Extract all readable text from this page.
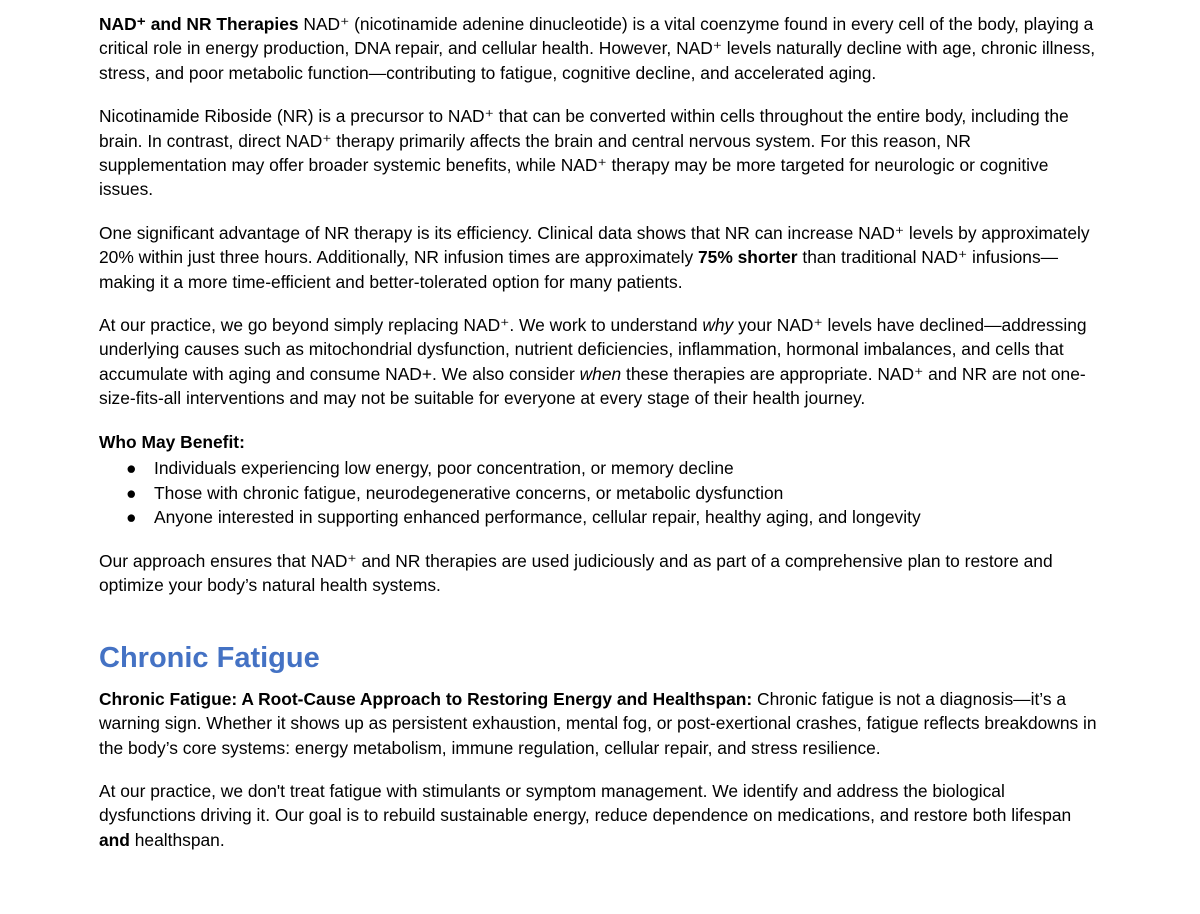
NAD⁺ and NR Therapies NAD⁺ (nicotinamide adenine dinucleotide) is a vital coenzyme found in every cell of the body, playing a critical role in energy production, DNA repair, and cellular health. However, NAD⁺ levels naturally decline with age, chronic illness, stress, and poor metabolic function—contributing to fatigue, cognitive decline, and accelerated aging.

Nicotinamide Riboside (NR) is a precursor to NAD⁺ that can be converted within cells throughout the entire body, including the brain. In contrast, direct NAD⁺ therapy primarily affects the brain and central nervous system. For this reason, NR supplementation may offer broader systemic benefits, while NAD⁺ therapy may be more targeted for neurologic or cognitive issues.

One significant advantage of NR therapy is its efficiency. Clinical data shows that NR can increase NAD⁺ levels by approximately 20% within just three hours. Additionally, NR infusion times are approximately 75% shorter than traditional NAD⁺ infusions—making it a more time-efficient and better-tolerated option for many patients.

At our practice, we go beyond simply replacing NAD⁺. We work to understand why your NAD⁺ levels have declined—addressing underlying causes such as mitochondrial dysfunction, nutrient deficiencies, inflammation, hormonal imbalances, and cells that accumulate with aging and consume NAD+. We also consider when these therapies are appropriate. NAD⁺ and NR are not one-size-fits-all interventions and may not be suitable for everyone at every stage of their health journey.

Who May Benefit:

● Individuals experiencing low energy, poor concentration, or memory decline
● Those with chronic fatigue, neurodegenerative concerns, or metabolic dysfunction
● Anyone interested in supporting enhanced performance, cellular repair, healthy aging, and longevity

Our approach ensures that NAD⁺ and NR therapies are used judiciously and as part of a comprehensive plan to restore and optimize your body’s natural health systems.

Chronic Fatigue

Chronic Fatigue: A Root-Cause Approach to Restoring Energy and Healthspan: Chronic fatigue is not a diagnosis—it’s a warning sign. Whether it shows up as persistent exhaustion, mental fog, or post-exertional crashes, fatigue reflects breakdowns in the body’s core systems: energy metabolism, immune regulation, cellular repair, and stress resilience.

At our practice, we don't treat fatigue with stimulants or symptom management. We identify and address the biological dysfunctions driving it. Our goal is to rebuild sustainable energy, reduce dependence on medications, and restore both lifespan and healthspan.
